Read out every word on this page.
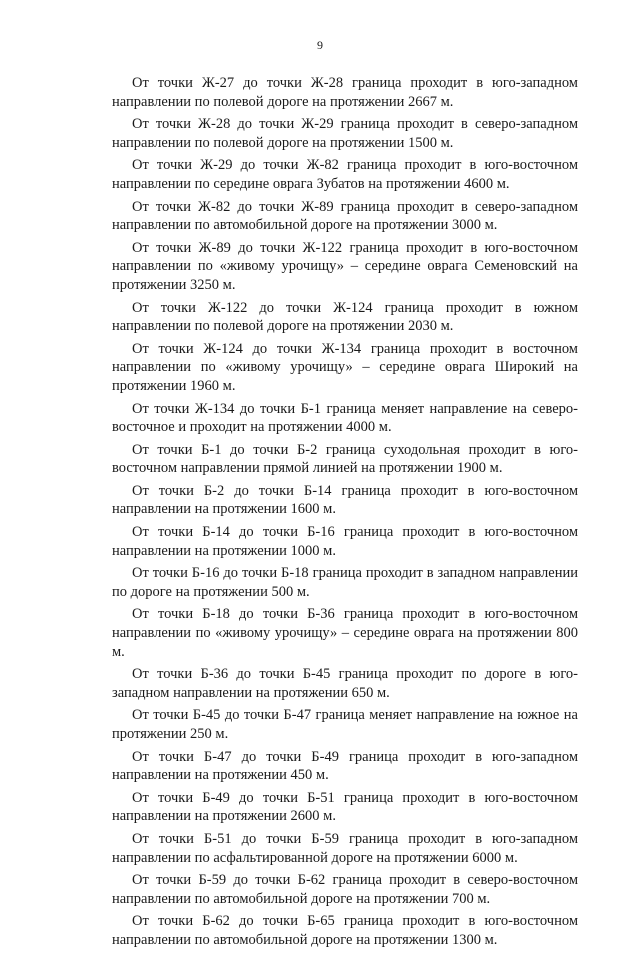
9

От точки Ж-27 до точки Ж-28 граница проходит в юго-западном направлении по полевой дороге на протяжении 2667 м.

От точки Ж-28 до точки Ж-29 граница проходит в северо-западном направлении по полевой дороге на протяжении 1500 м.

От точки Ж-29 до точки Ж-82 граница проходит в юго-восточном направлении по середине оврага Зубатов на протяжении 4600 м.

От точки Ж-82 до точки Ж-89 граница проходит в северо-западном направлении по автомобильной дороге на протяжении 3000 м.

От точки Ж-89 до точки Ж-122 граница проходит в юго-восточном направлении по «живому урочищу» – середине оврага Семеновский на протяжении 3250 м.

От точки Ж-122 до точки Ж-124 граница проходит в южном направлении по полевой дороге на протяжении 2030 м.

От точки Ж-124 до точки Ж-134 граница проходит в восточном направлении по «живому урочищу» – середине оврага Широкий на протяжении 1960 м.

От точки Ж-134 до точки Б-1 граница меняет направление на северо-восточное и проходит на протяжении 4000 м.

От точки Б-1 до точки Б-2 граница суходольная проходит в юго-восточном направлении прямой линией на протяжении 1900 м.

От точки Б-2 до точки Б-14 граница проходит в юго-восточном направлении на протяжении 1600 м.

От точки Б-14 до точки Б-16 граница проходит в юго-восточном направлении на протяжении 1000 м.

От точки Б-16 до точки Б-18 граница проходит в западном направлении по дороге на протяжении 500 м.

От точки Б-18 до точки Б-36 граница проходит в юго-восточном направлении по «живому урочищу» – середине оврага на протяжении 800 м.

От точки Б-36 до точки Б-45 граница проходит по дороге в юго-западном направлении на протяжении 650 м.

От точки Б-45 до точки Б-47 граница меняет направление на южное на протяжении 250 м.

От точки Б-47 до точки Б-49 граница проходит в юго-западном направлении на протяжении 450 м.

От точки Б-49 до точки Б-51 граница проходит в юго-восточном направлении на протяжении 2600 м.

От точки Б-51 до точки Б-59 граница проходит в юго-западном направлении по асфальтированной дороге на протяжении 6000 м.

От точки Б-59 до точки Б-62 граница проходит в северо-восточном направлении по автомобильной дороге на протяжении 700 м.

От точки Б-62 до точки Б-65 граница проходит в юго-восточном направлении по автомобильной дороге на протяжении 1300 м.
